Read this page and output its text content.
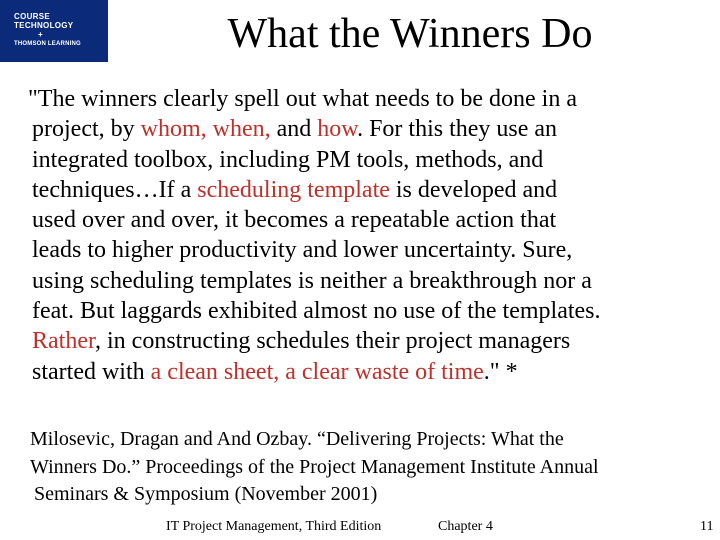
COURSE
TECHNOLOGY
+
THOMSON LEARNING	What the Winners Do
"The winners clearly spell out what needs to be done in a
project, by whom, when, and how. For this they use an
integrated toolbox, including PM tools, methods, and
techniques…If a scheduling template is developed and
used over and over, it becomes a repeatable action that
leads to higher productivity and lower uncertainty. Sure,
using scheduling templates is neither a breakthrough nor a
feat. But laggards exhibited almost no use of the templates.
Rather, in constructing schedules their project managers
started with a clean sheet, a clear waste of time." *
Milosevic, Dragan and And Ozbay. “Delivering Projects: What the
Winners Do.” Proceedings of the Project Management Institute Annual
Seminars & Symposium (November 2001)
IT Project Management, Third Edition	Chapter 4	11
